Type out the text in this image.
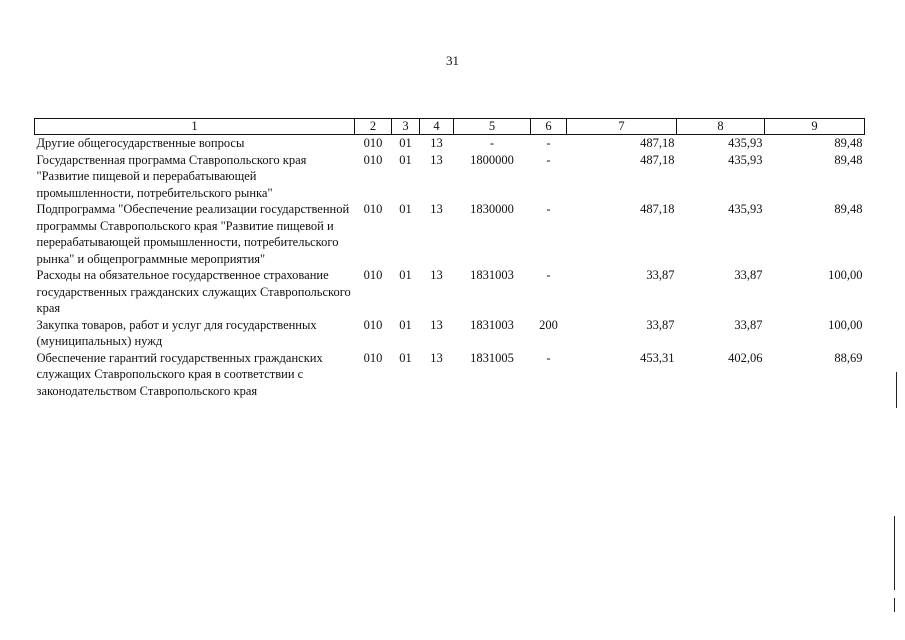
31
1	2	3	4	5	6	7	8	9
Другие общегосударственные вопросы	010	01	13	-	-	487,18	435,93	89,48
Государственная программа Ставропольского края "Развитие пищевой и перерабатывающей промышленности, потребительского рынка"	010	01	13	1800000	-	487,18	435,93	89,48
Подпрограмма "Обеспечение реализации государственной программы Ставропольского края "Развитие пищевой и перерабатывающей промышленности, потребительского рынка" и общепрограммные мероприятия"	010	01	13	1830000	-	487,18	435,93	89,48
Расходы на обязательное государственное страхование государственных гражданских служащих Ставропольского края	010	01	13	1831003	-	33,87	33,87	100,00
Закупка товаров, работ и услуг для государственных (муниципальных) нужд	010	01	13	1831003	200	33,87	33,87	100,00
Обеспечение гарантий государственных гражданских служащих Ставропольского края в соответствии с законодательством Ставропольского края	010	01	13	1831005	-	453,31	402,06	88,69
